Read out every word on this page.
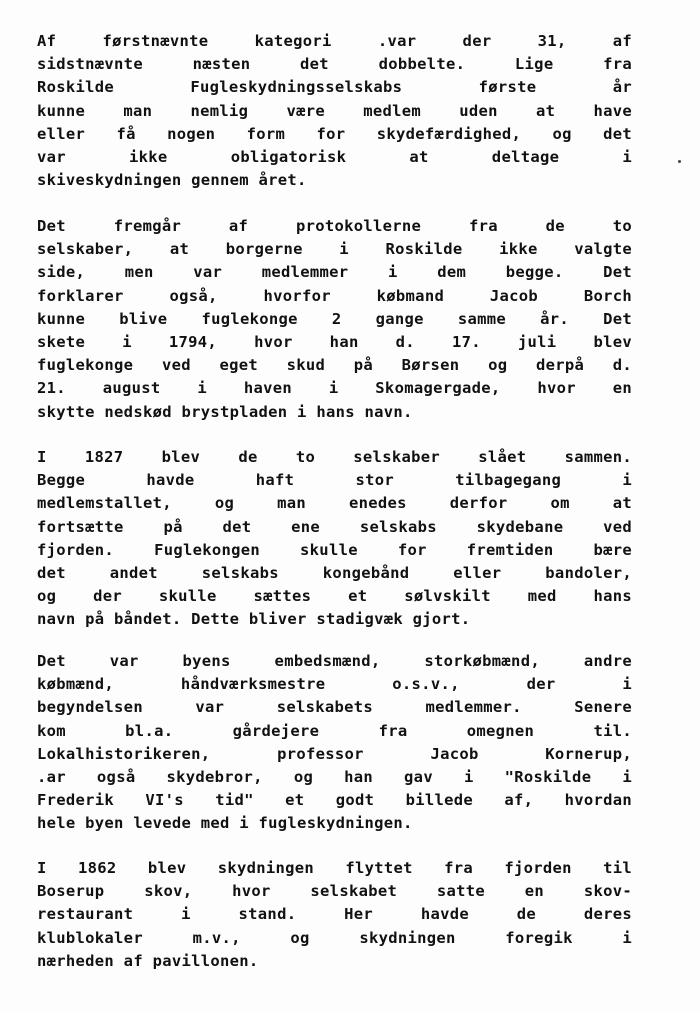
Af førstnævnte kategori .var der 31, af
sidstnævnte næsten det dobbelte. Lige fra
Roskilde Fugleskydningsselskabs første år
kunne man nemlig være medlem uden at have
eller få nogen form for skydefærdighed, og det
var ikke obligatorisk at deltage i
skiveskydningen gennem året.
Det fremgår af protokollerne fra de to
selskaber, at borgerne i Roskilde ikke valgte
side, men var medlemmer i dem begge. Det
forklarer også, hvorfor købmand Jacob Borch
kunne blive fuglekonge 2 gange samme år. Det
skete i 1794, hvor han d. 17. juli blev
fuglekonge ved eget skud på Børsen og derpå d.
21. august i haven i Skomagergade, hvor en
skytte nedskød brystpladen i hans navn.
I 1827 blev de to selskaber slået sammen.
Begge havde haft stor tilbagegang i
medlemstallet, og man enedes derfor om at
fortsætte på det ene selskabs skydebane ved
fjorden. Fuglekongen skulle for fremtiden bære
det andet selskabs kongebånd eller bandoler,
og der skulle sættes et sølvskilt med hans
navn på båndet. Dette bliver stadigvæk gjort.
Det var byens embedsmænd, storkøbmænd, andre
købmænd, håndværksmestre o.s.v., der i
begyndelsen var selskabets medlemmer. Senere
kom bl.a. gårdejere fra omegnen til.
Lokalhistorikeren, professor Jacob Kornerup,
.ar også skydebror, og han gav i "Roskilde i
Frederik VI's tid" et godt billede af, hvordan
hele byen levede med i fugleskydningen.
I 1862 blev skydningen flyttet fra fjorden til
Boserup skov, hvor selskabet satte en skov-
restaurant i stand. Her havde de deres
klublokaler m.v., og skydningen foregik i
nærheden af pavillonen.
